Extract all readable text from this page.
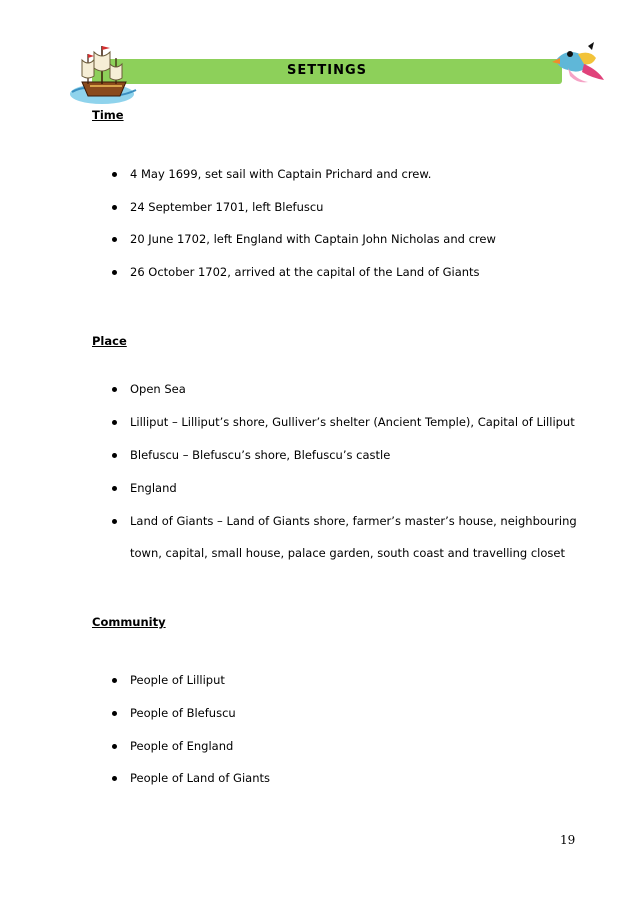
SETTINGS
Time
4 May 1699, set sail with Captain Prichard and crew.
24 September 1701, left Blefuscu
20 June 1702, left England with Captain John Nicholas and crew
26 October 1702, arrived at the capital of the Land of Giants
Place
Open Sea
Lilliput – Lilliput’s shore, Gulliver’s shelter (Ancient Temple), Capital of Lilliput
Blefuscu – Blefuscu’s shore, Blefuscu’s castle
England
Land of Giants – Land of Giants shore, farmer’s master’s house, neighbouring
town, capital, small house, palace garden, south coast and travelling closet
Community
People of Lilliput
People of Blefuscu
People of England
People of Land of Giants
19
